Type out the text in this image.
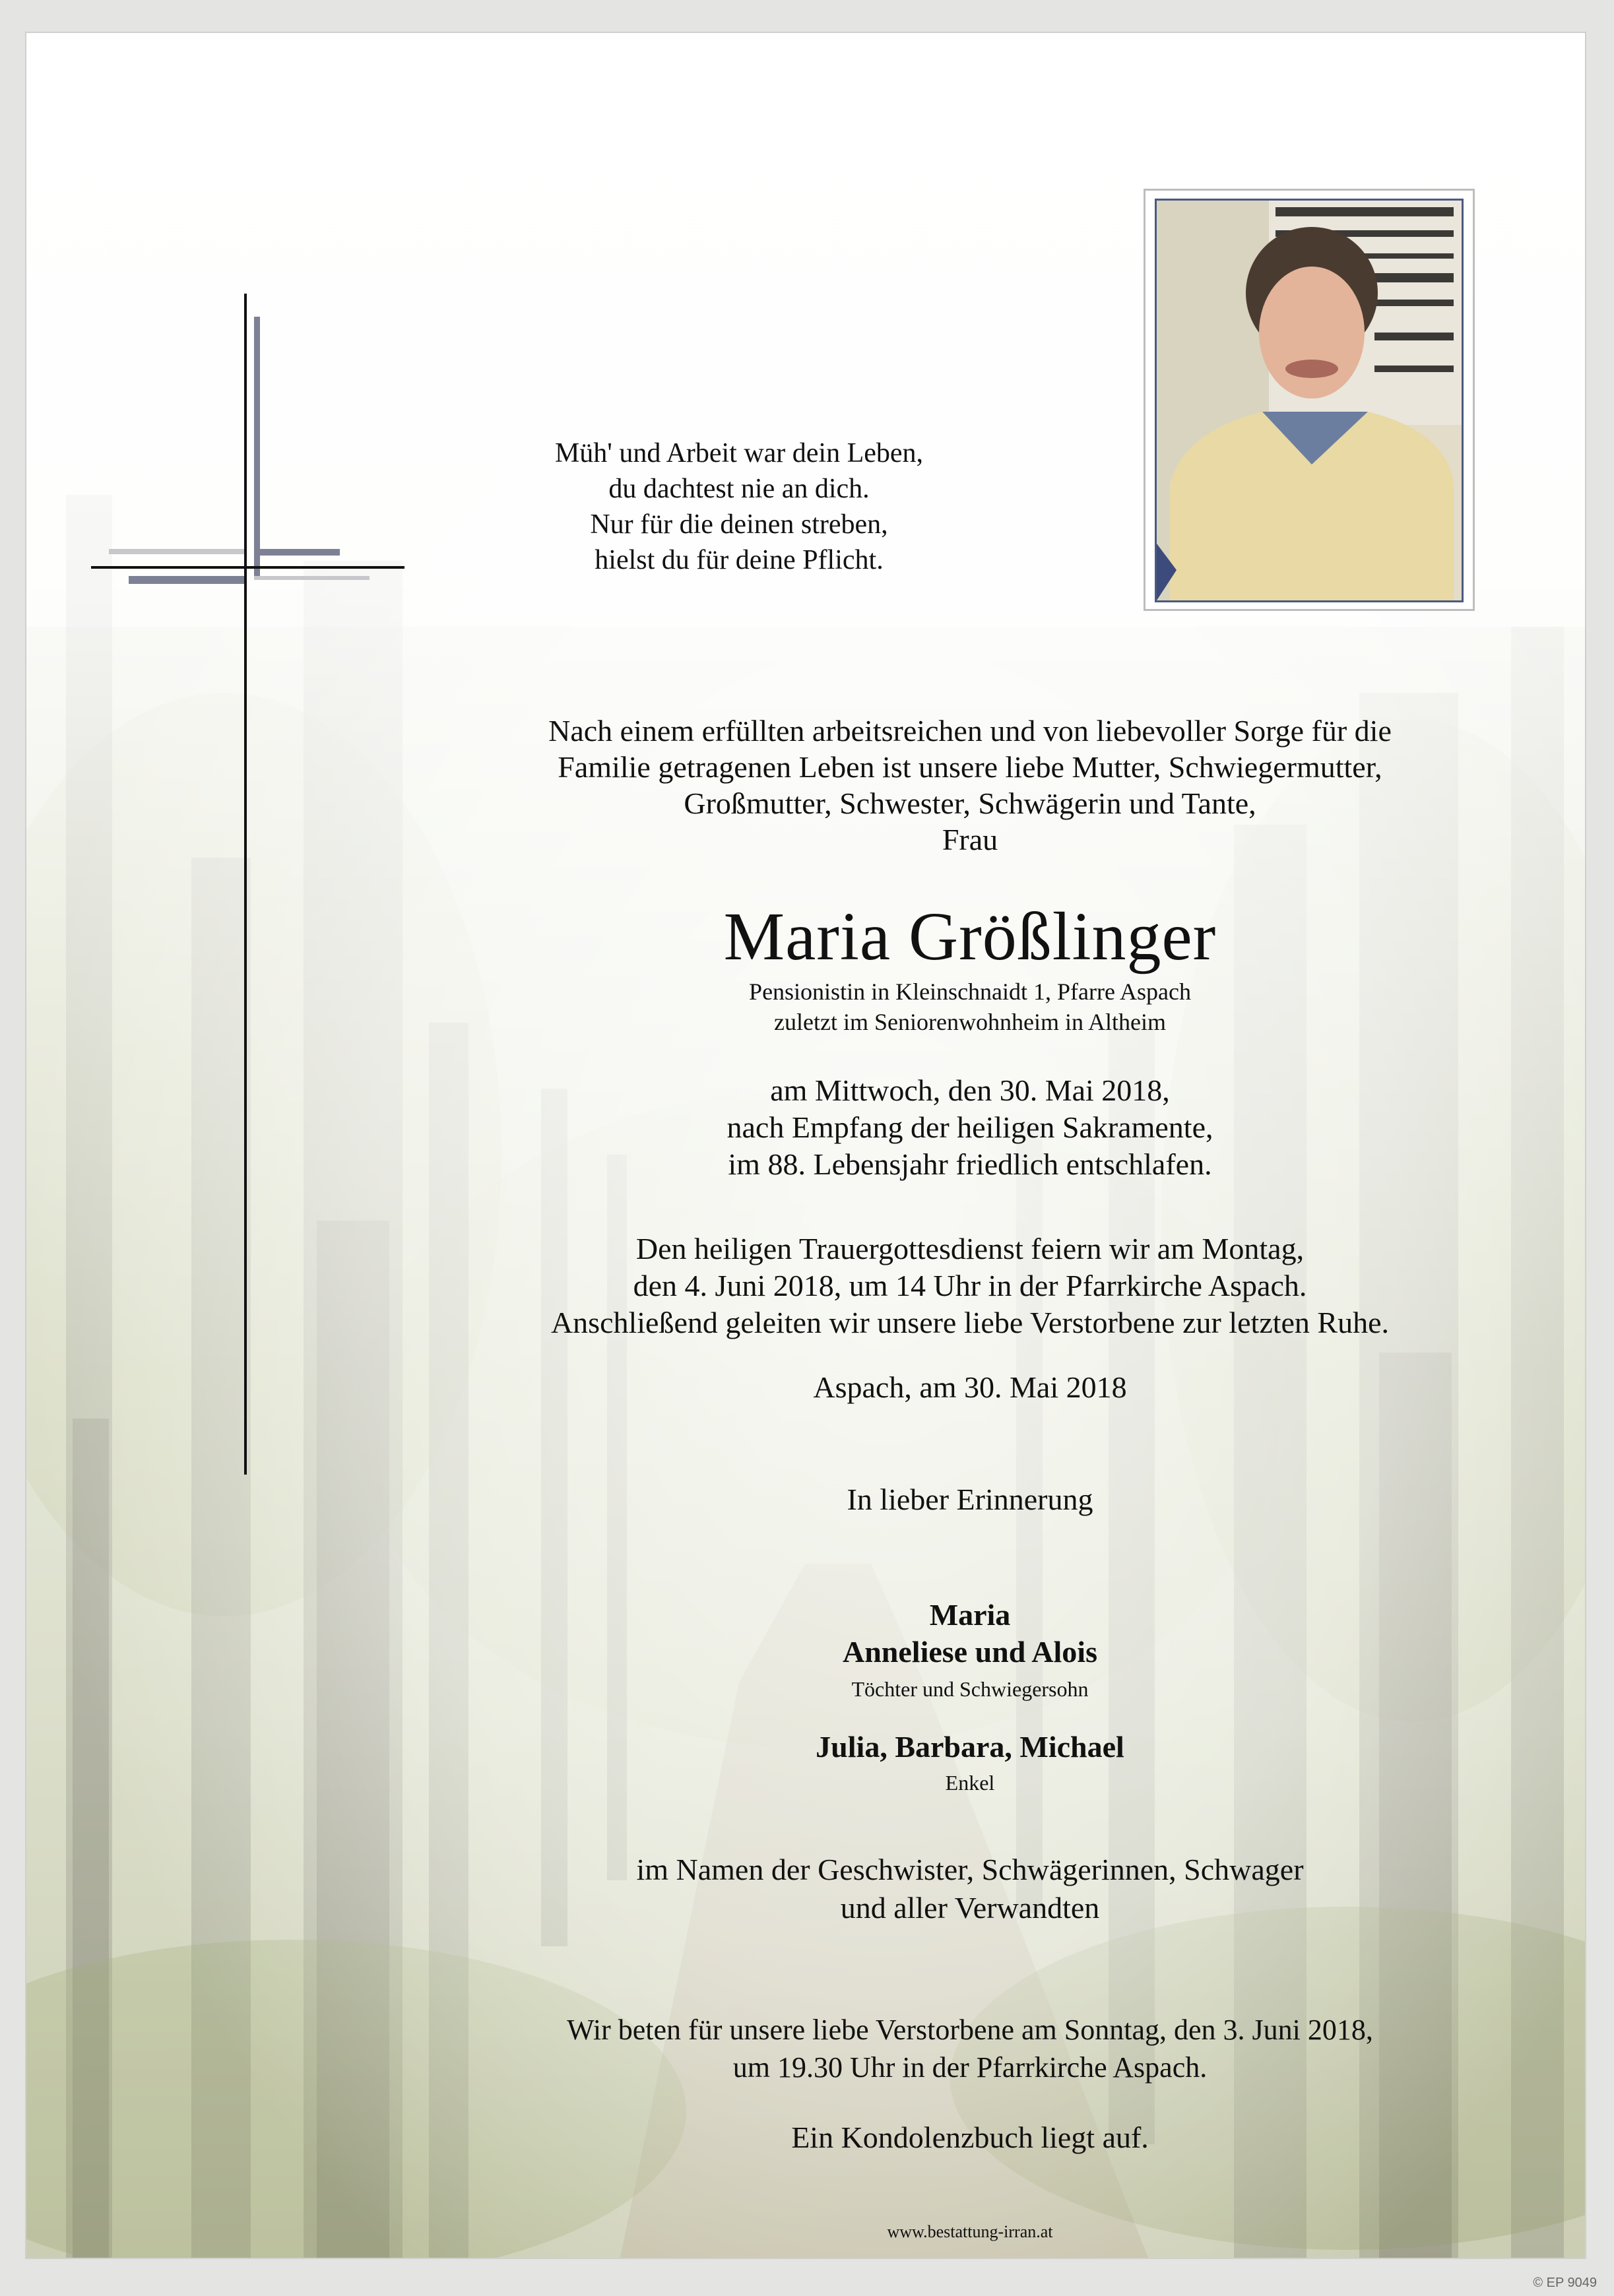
Müh' und Arbeit war dein Leben,
du dachtest nie an dich.
Nur für die deinen streben,
hielst du für deine Pflicht.
Nach einem erfüllten arbeitsreichen und von liebevoller Sorge für die
Familie getragenen Leben ist unsere liebe Mutter, Schwiegermutter,
Großmutter, Schwester, Schwägerin und Tante,
Frau
Maria Größlinger
Pensionistin in Kleinschnaidt 1, Pfarre Aspach
zuletzt im Seniorenwohnheim in Altheim
am Mittwoch, den 30. Mai 2018,
nach Empfang der heiligen Sakramente,
im 88. Lebensjahr friedlich entschlafen.
Den heiligen Trauergottesdienst feiern wir am Montag,
den 4. Juni 2018, um 14 Uhr in der Pfarrkirche Aspach.
Anschließend geleiten wir unsere liebe Verstorbene zur letzten Ruhe.
Aspach, am 30. Mai 2018
In lieber Erinnerung
Maria
Anneliese und Alois
Töchter und Schwiegersohn
Julia, Barbara, Michael
Enkel
im Namen der Geschwister, Schwägerinnen, Schwager
und aller Verwandten
Wir beten für unsere liebe Verstorbene am Sonntag, den 3. Juni 2018,
um 19.30 Uhr in der Pfarrkirche Aspach.
Ein Kondolenzbuch liegt auf.
www.bestattung-irran.at
© EP 9049
